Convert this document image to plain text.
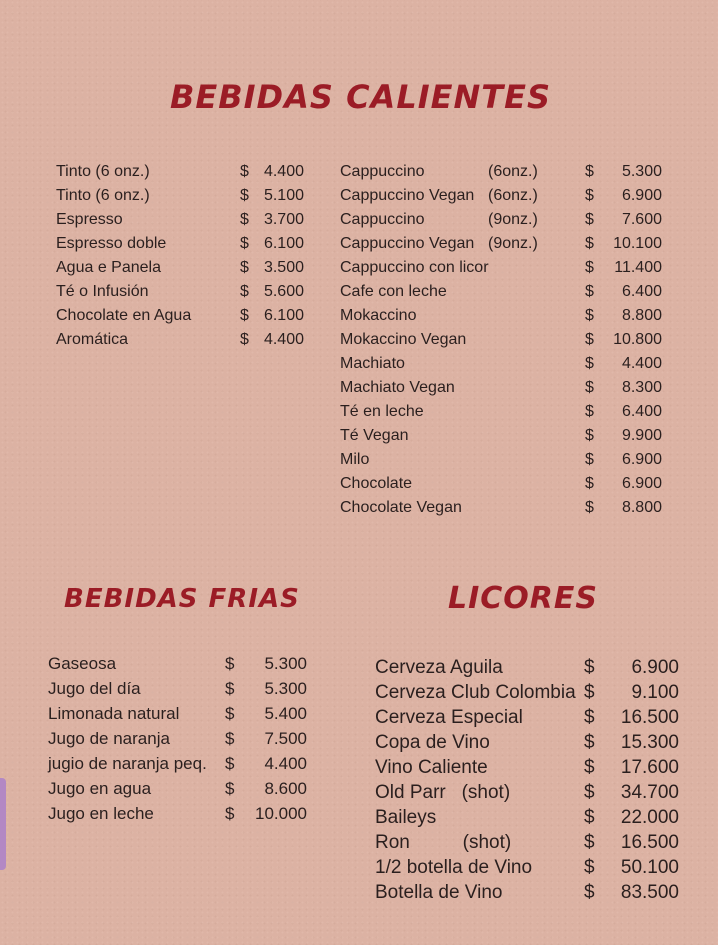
BEBIDAS CALIENTES
Tinto (6 onz.)	$ 4.400
Tinto (6 onz.)	$ 5.100
Espresso	$ 3.700
Espresso doble	$ 6.100
Agua e Panela	$ 3.500
Té o Infusión	$ 5.600
Chocolate en Agua	$ 6.100
Aromática	$ 4.400
Cappuccino	(6onz.)	$ 5.300
Cappuccino Vegan (6onz.)	$ 6.900
Cappuccino	(9onz.)	$ 7.600
Cappuccino Vegan (9onz.)	$ 10.100
Cappuccino con licor	$ 11.400
Cafe con leche	$ 6.400
Mokaccino	$ 8.800
Mokaccino Vegan	$ 10.800
Machiato	$ 4.400
Machiato Vegan	$ 8.300
Té en leche	$ 6.400
Té Vegan	$ 9.900
Milo	$ 6.900
Chocolate	$ 6.900
Chocolate Vegan	$ 8.800
BEBIDAS FRIAS	LICORES
Gaseosa	$ 5.300
Jugo del día	$ 5.300
Limonada natural	$ 5.400
Jugo de naranja	$ 7.500
jugio de naranja peq. $ 4.400
Jugo en agua	$ 8.600
Jugo en leche	$ 10.000
Cerveza Aguila	$ 6.900
Cerveza Club Colombia $ 9.100
Cerveza Especial	$ 16.500
Copa de Vino	$ 15.300
Vino Caliente	$ 17.600
Old Parr   (shot)	$ 34.700
Baileys	$ 22.000
Ron          (shot)	$ 16.500
1/2 botella de Vino	$ 50.100
Botella de Vino	$ 83.500
